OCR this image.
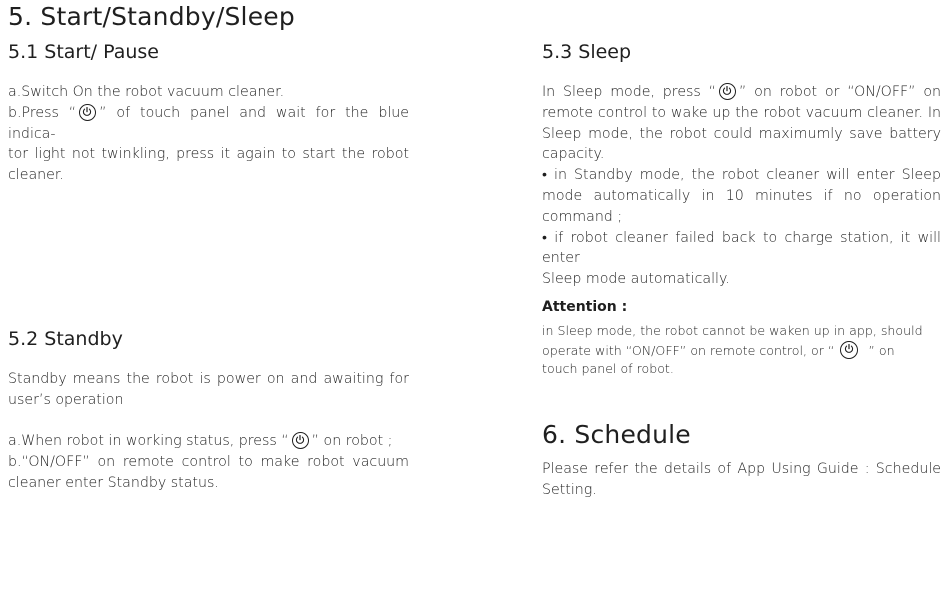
5. Start/Standby/Sleep
5.1 Start/ Pause
a.Switch On the robot vacuum cleaner.
b.Press “ ” of touch panel and wait for the blue indica-
tor light not twinkling, press it again to start the robot
cleaner.
5.2 Standby
Standby means the robot is power on and awaiting for
user’s operation
a.When robot in working status, press “ ” on robot ;
b.“ON/OFF” on remote control to make robot vacuum
cleaner enter Standby status.
5.3 Sleep
In Sleep mode, press “ ” on robot or “ON/OFF” on
remote control to wake up the robot vacuum cleaner. In
Sleep mode, the robot could maximumly save battery
capacity.
• in Standby mode, the robot cleaner will enter Sleep
mode automatically in 10 minutes if no operation
command ;
• if robot cleaner failed back to charge station, it will enter
Sleep mode automatically.
Attention :
in Sleep mode, the robot cannot be waken up in app, should
operate with “ON/OFF” on remote control, or “	” on
touch panel of robot.
6. Schedule
Please refer the details of App Using Guide : Schedule
Setting.
